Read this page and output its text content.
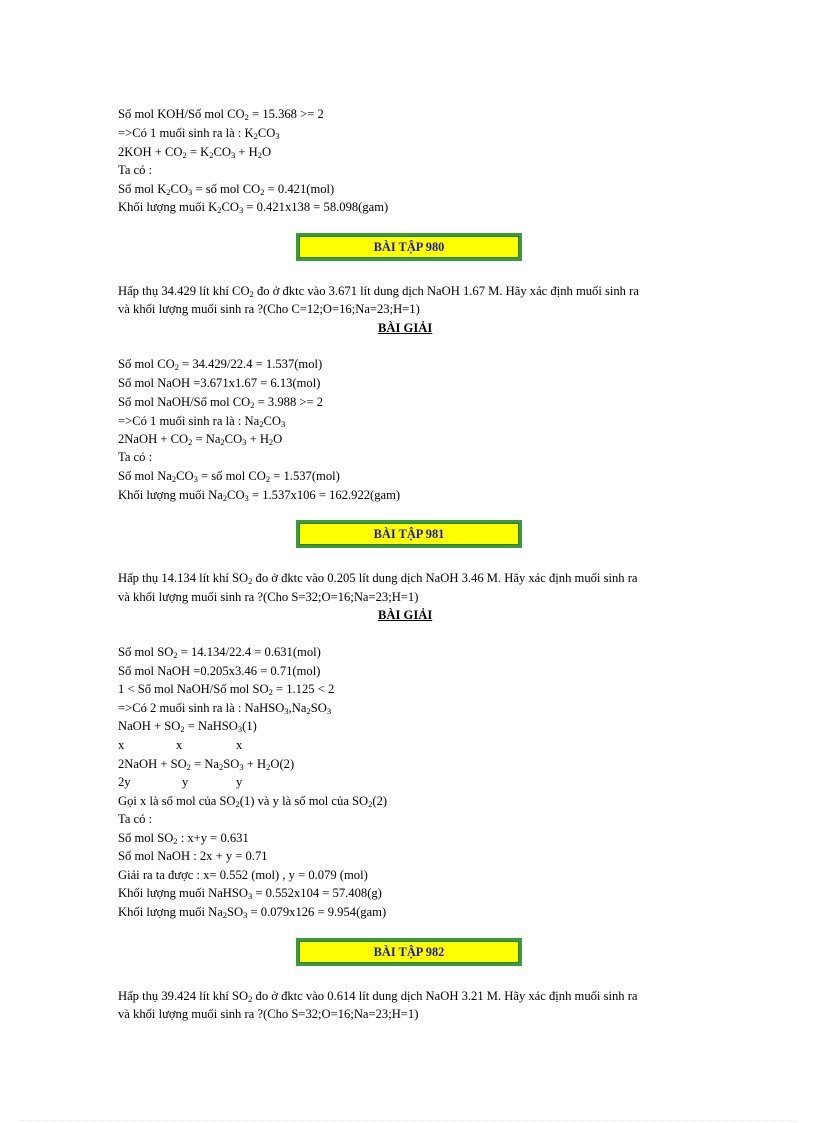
Số mol KOH/Số mol $CO_2 = 15.368 >= 2$
=>Có 1 muối sinh ra là : $K_2CO_3$
$2KOH + CO_2 = K_2CO_3 + H_2O$
Ta có :
Số mol $K_2CO_3$ = số mol $CO_2 = 0.421(mol)$
Khối lượng muối $K_2CO_3 = 0.421x138 = 58.098(gam)$
BÀI TẬP 980
Hấp thụ 34.429 lít khí $CO_2$ đo ở đktc vào 3.671 lít dung dịch NaOH 1.67 M. Hãy xác định muối sinh ra
và khối lượng muối sinh ra ?(Cho C=12;O=16;Na=23;H=1)
BÀI GIẢI
Số mol $CO_2 = 34.429/22.4 = 1.537(mol)$
Số mol NaOH =3.671x1.67 = 6.13(mol)
Số mol NaOH/Số mol $CO_2 = 3.988 >= 2$
=>Có 1 muối sinh ra là : $Na_2CO_3$
2NaOH + $CO_2 = Na_2CO_3 + H_2O$
Ta có :
Số mol $Na_2CO_3$ = số mol $CO_2 = 1.537(mol)$
Khối lượng muối $Na_2CO_3 = 1.537x106 = 162.922(gam)$
BÀI TẬP 981
Hấp thụ 14.134 lít khí $SO_2$ đo ở đktc vào 0.205 lít dung dịch NaOH 3.46 M. Hãy xác định muối sinh ra
và khối lượng muối sinh ra ?(Cho S=32;O=16;Na=23;H=1)
BÀI GIẢI
Số mol $SO_2 = 14.134/22.4 = 0.631(mol)$
Số mol NaOH =0.205x3.46 = 0.71(mol)
1 < Số mol NaOH/Số mol $SO_2 = 1.125 < 2$
=>Có 2 muối sinh ra là : $NaHSO_3,Na_2SO_3$
NaOH + $SO_2$ = NaHSO$_3$(1)
x	x	x
2NaOH + $SO_2 = Na_2SO_3 + H_2O(2)$
2y	y	y
Gọi x là số mol của $SO_2(1)$ và y là số mol của $SO_2(2)$
Ta có :
Số mol $SO_2$ : x+y = 0.631
Số mol NaOH : 2x + y = 0.71
Giải ra ta được : x= 0.552 (mol) , y = 0.079 (mol)
Khối lượng muối NaHSO$_3$ = 0.552x104 = 57.408(g)
Khối lượng muối $Na_2SO_3 = 0.079x126 = 9.954(gam)$
BÀI TẬP 982
Hấp thụ 39.424 lít khí $SO_2$ đo ở đktc vào 0.614 lít dung dịch NaOH 3.21 M. Hãy xác định muối sinh ra
và khối lượng muối sinh ra ?(Cho S=32;O=16;Na=23;H=1)
